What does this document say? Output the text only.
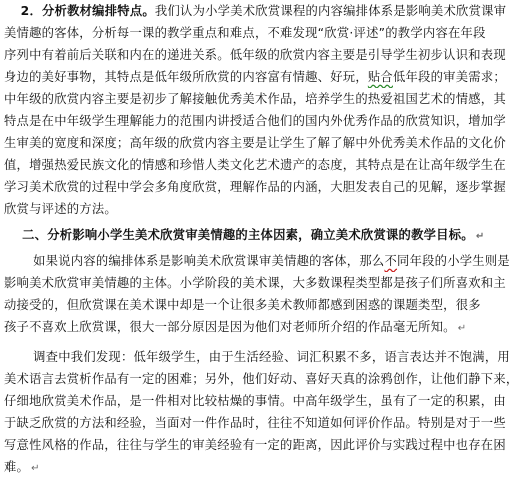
2．分析教材编排特点。我们认为小学美术欣赏课程的内容编排体系是影响美术欣赏课审
美情趣的客体，分析每一课的教学重点和难点，不难发现“欣赏·评述”的教学内容在年段
序列中有着前后关联和内在的递进关系。低年级的欣赏内容主要是引导学生初步认识和表现
身边的美好事物，其特点是低年级所欣赏的内容富有情趣、好玩，贴合低年段的审美需求；
中年级的欣赏内容主要是初步了解接触优秀美术作品，培养学生的热爱祖国艺术的情感，其
特点是在中年级学生理解能力的范围内讲授适合他们的国内外优秀作品的欣赏知识，增加学
生审美的宽度和深度；高年级的欣赏内容主要是让学生了解了解中外优秀美术作品的文化价
值，增强热爱民族文化的情感和珍惜人类文化艺术遗产的态度，其特点是在让高年级学生在
学习美术欣赏的过程中学会多角度欣赏，理解作品的内涵，大胆发表自己的见解，逐步掌握
欣赏与评述的方法。
二、分析影响小学生美术欣赏审美情趣的主体因素，确立美术欣赏课的教学目标。 ↵
如果说内容的编排体系是影响美术欣赏课审美情趣的客体，那么不同年段的小学生则是
影响美术欣赏审美情趣的主体。小学阶段的美术课，大多数课程类型都是孩子们所喜欢和主
动接受的，但欣赏课在美术课中却是一个让很多美术教师都感到困惑的课题类型，很多
孩子不喜欢上欣赏课，很大一部分原因是因为他们对老师所介绍的作品毫无所知。 ↵
调查中我们发现：低年级学生，由于生活经验、词汇积累不多，语言表达并不饱满，用
美术语言去赏析作品有一定的困难；另外，他们好动、喜好天真的涂鸦创作，让他们静下来，
仔细地欣赏美术作品，是一件相对比较枯燥的事情。中高年级学生，虽有了一定的积累，由
于缺乏欣赏的方法和经验，当面对一件作品时，往往不知道如何评价作品。特别是对于一些
写意性风格的作品，往往与学生的审美经验有一定的距离，因此评价与实践过程中也存在困
难。 ↵
